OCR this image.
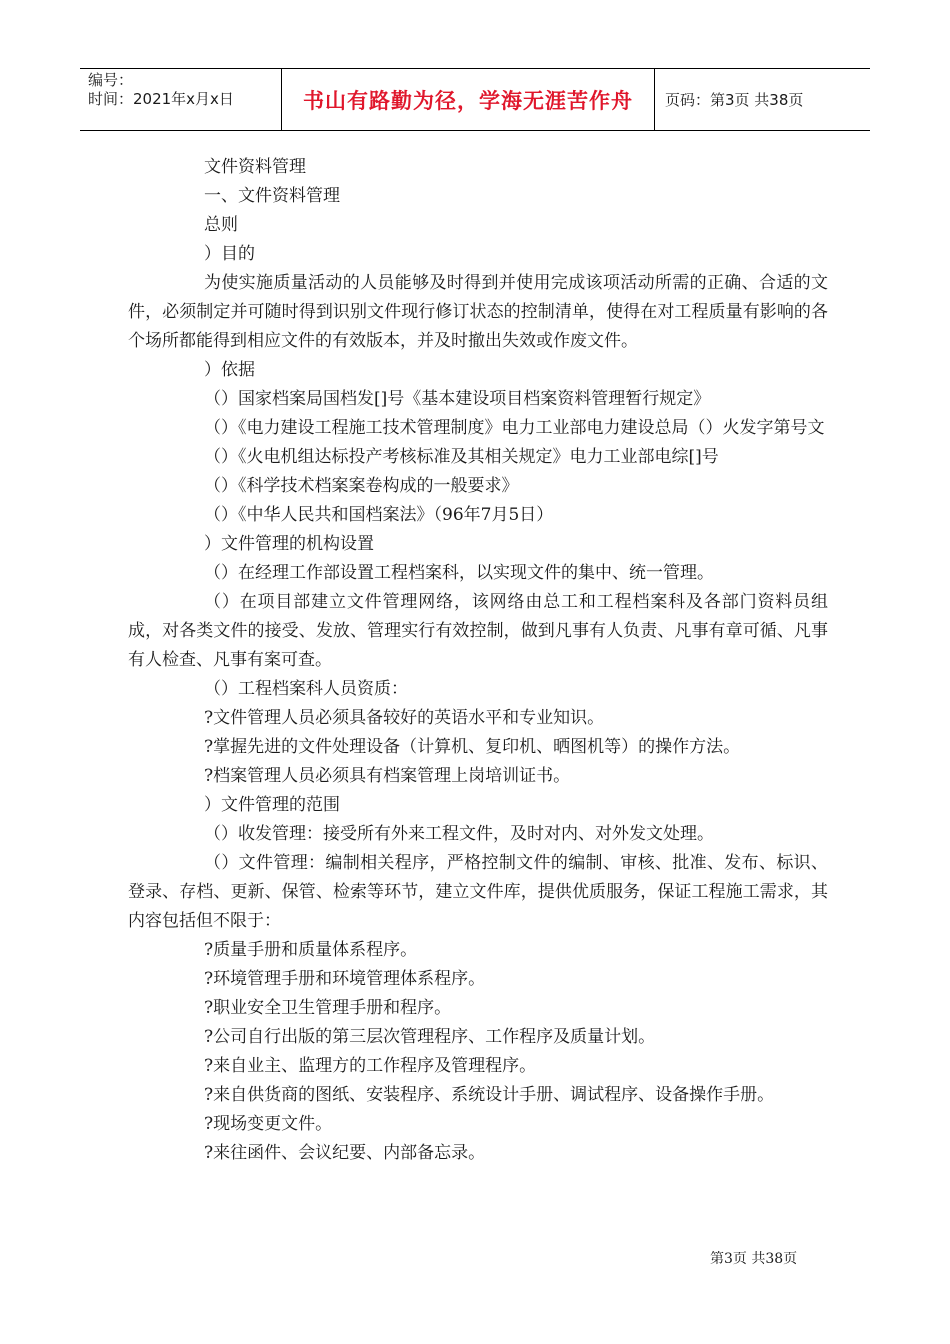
编号：
时间：2021年x月x日	书山有路勤为径，学海无涯苦作舟	页码：第3页 共38页

文件资料管理

一、文件资料管理

总则

）目的

为使实施质量活动的人员能够及时得到并使用完成该项活动所需的正确、合适的文件，必须制定并可随时得到识别文件现行修订状态的控制清单，使得在对工程质量有影响的各个场所都能得到相应文件的有效版本，并及时撤出失效或作废文件。

）依据

（）国家档案局国档发[]号《基本建设项目档案资料管理暂行规定》

（）《电力建设工程施工技术管理制度》电力工业部电力建设总局（）火发字第号文

（）《火电机组达标投产考核标准及其相关规定》电力工业部电综[]号

（）《科学技术档案案卷构成的一般要求》

（）《中华人民共和国档案法》（96年7月5日）

）文件管理的机构设置

（）在经理工作部设置工程档案科，以实现文件的集中、统一管理。

（）在项目部建立文件管理网络，该网络由总工和工程档案科及各部门资料员组成，对各类文件的接受、发放、管理实行有效控制，做到凡事有人负责、凡事有章可循、凡事有人检查、凡事有案可查。

（）工程档案科人员资质：

?文件管理人员必须具备较好的英语水平和专业知识。

?掌握先进的文件处理设备（计算机、复印机、晒图机等）的操作方法。

?档案管理人员必须具有档案管理上岗培训证书。

）文件管理的范围

（）收发管理：接受所有外来工程文件，及时对内、对外发文处理。

（）文件管理：编制相关程序，严格控制文件的编制、审核、批准、发布、标识、登录、存档、更新、保管、检索等环节，建立文件库，提供优质服务，保证工程施工需求，其内容包括但不限于：

?质量手册和质量体系程序。

?环境管理手册和环境管理体系程序。

?职业安全卫生管理手册和程序。

?公司自行出版的第三层次管理程序、工作程序及质量计划。

?来自业主、监理方的工作程序及管理程序。

?来自供货商的图纸、安装程序、系统设计手册、调试程序、设备操作手册。

?现场变更文件。

?来往函件、会议纪要、内部备忘录。

第3页 共38页
